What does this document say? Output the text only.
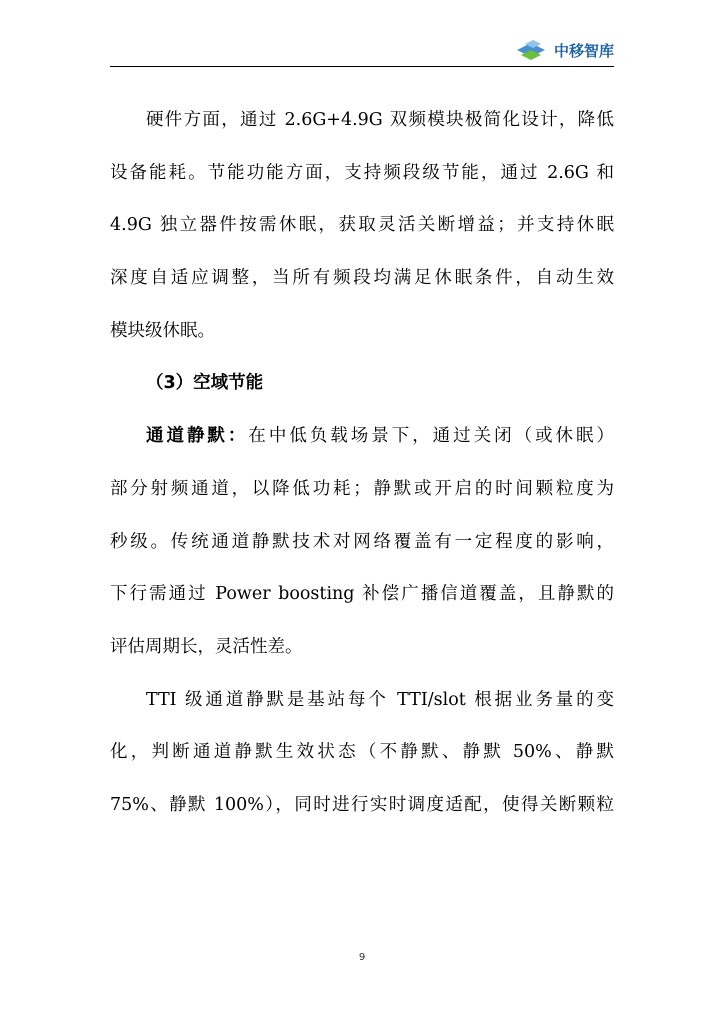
中移智库
硬件方面，通过 2.6G+4.9G 双频模块极简化设计，降低
设备能耗。节能功能方面，支持频段级节能，通过 2.6G 和
4.9G 独立器件按需休眠，获取灵活关断增益；并支持休眠
深度自适应调整，当所有频段均满足休眠条件，自动生效
模块级休眠。
（3）空域节能
通道静默：在中低负载场景下，通过关闭（或休眠）
部分射频通道，以降低功耗；静默或开启的时间颗粒度为
秒级。传统通道静默技术对网络覆盖有一定程度的影响，
下行需通过 Power boosting 补偿广播信道覆盖，且静默的
评估周期长，灵活性差。
TTI 级通道静默是基站每个 TTI/slot 根据业务量的变
化，判断通道静默生效状态（不静默、静默 50%、静默
75%、静默 100%），同时进行实时调度适配，使得关断颗粒
9
